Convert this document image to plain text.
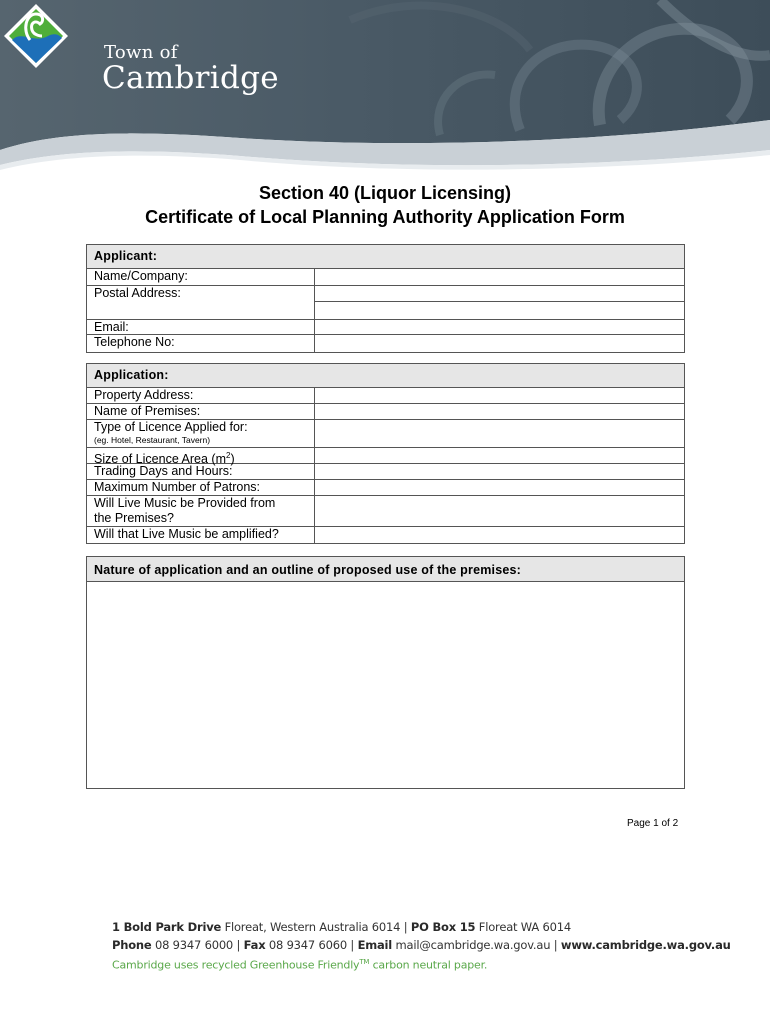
Town of
Cambridge
Section 40 (Liquor Licensing)
Certificate of Local Planning Authority Application Form
Applicant:
Name/Company:
Postal Address:
Email:
Telephone No:
Application:
Property Address:
Name of Premises:
Type of Licence Applied for:
(eg. Hotel, Restaurant, Tavern)
Size of Licence Area $(m^2)$
Trading Days and Hours:
Maximum Number of Patrons:
Will Live Music be Provided from
the Premises?
Will that Live Music be amplified?
Nature of application and an outline of proposed use of the premises:
Page 1 of 2
1 Bold Park Drive Floreat, Western Australia 6014 | PO Box 15 Floreat WA 6014
Phone 08 9347 6000 | Fax 08 9347 6060 | Email mail@cambridge.wa.gov.au | www.cambridge.wa.gov.au
Cambridge uses recycled Greenhouse Friendly™ carbon neutral paper.
